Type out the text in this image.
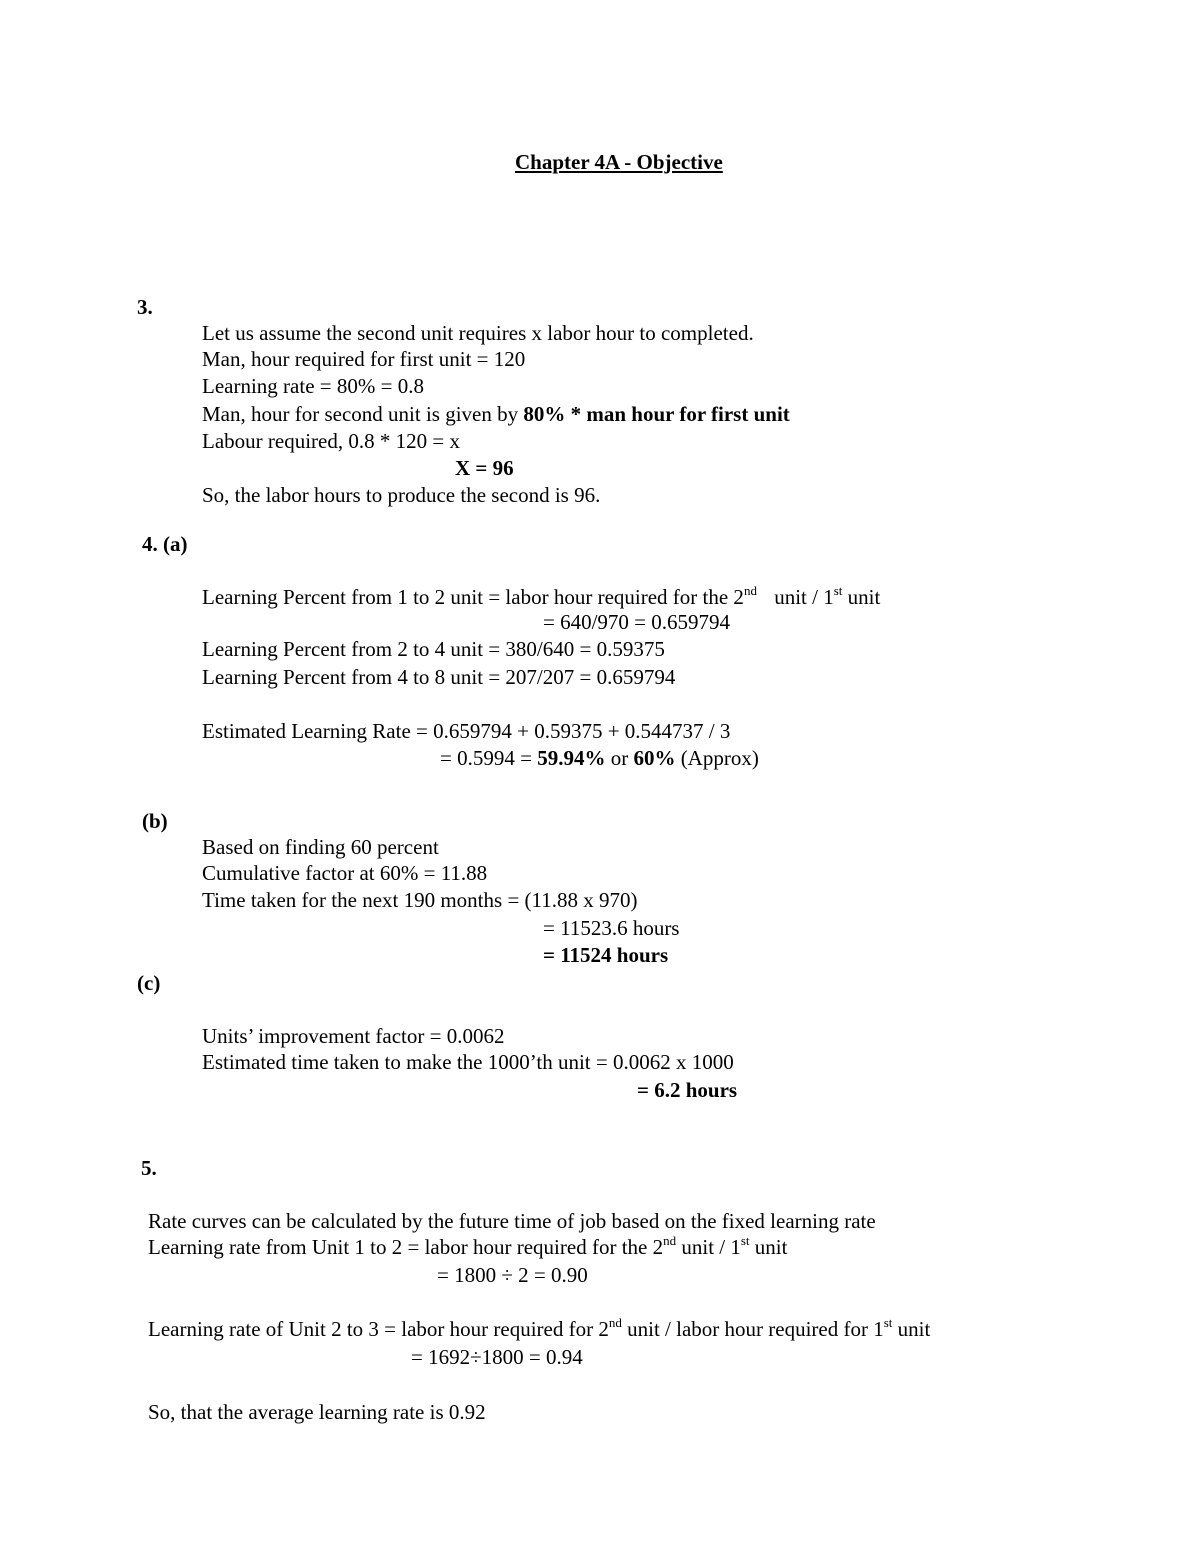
Chapter 4A - Objective
3.
Let us assume the second unit requires x labor hour to completed.
Man, hour required for first unit = 120
Learning rate = 80% = 0.8
Man, hour for second unit is given by 80% * man hour for first unit
Labour required, 0.8 * 120 = x
X = 96
So, the labor hours to produce the second is 96.
4. (a)
Learning Percent from 1 to 2 unit = labor hour required for the 2nd unit / 1st unit
= 640/970 = 0.659794
Learning Percent from 2 to 4 unit = 380/640 = 0.59375
Learning Percent from 4 to 8 unit = 207/207 = 0.659794
Estimated Learning Rate = 0.659794 + 0.59375 + 0.544737 / 3
= 0.5994 = 59.94% or 60% (Approx)
(b)
Based on finding 60 percent
Cumulative factor at 60% = 11.88
Time taken for the next 190 months = (11.88 x 970)
= 11523.6 hours
= 11524 hours
(c)
Units’ improvement factor = 0.0062
Estimated time taken to make the 1000’th unit = 0.0062 x 1000
= 6.2 hours
5.
Rate curves can be calculated by the future time of job based on the fixed learning rate
Learning rate from Unit 1 to 2 = labor hour required for the 2nd unit / 1st unit
= 1800 ÷ 2 = 0.90
Learning rate of Unit 2 to 3 = labor hour required for 2nd unit / labor hour required for 1st unit
= 1692÷1800 = 0.94
So, that the average learning rate is 0.92
